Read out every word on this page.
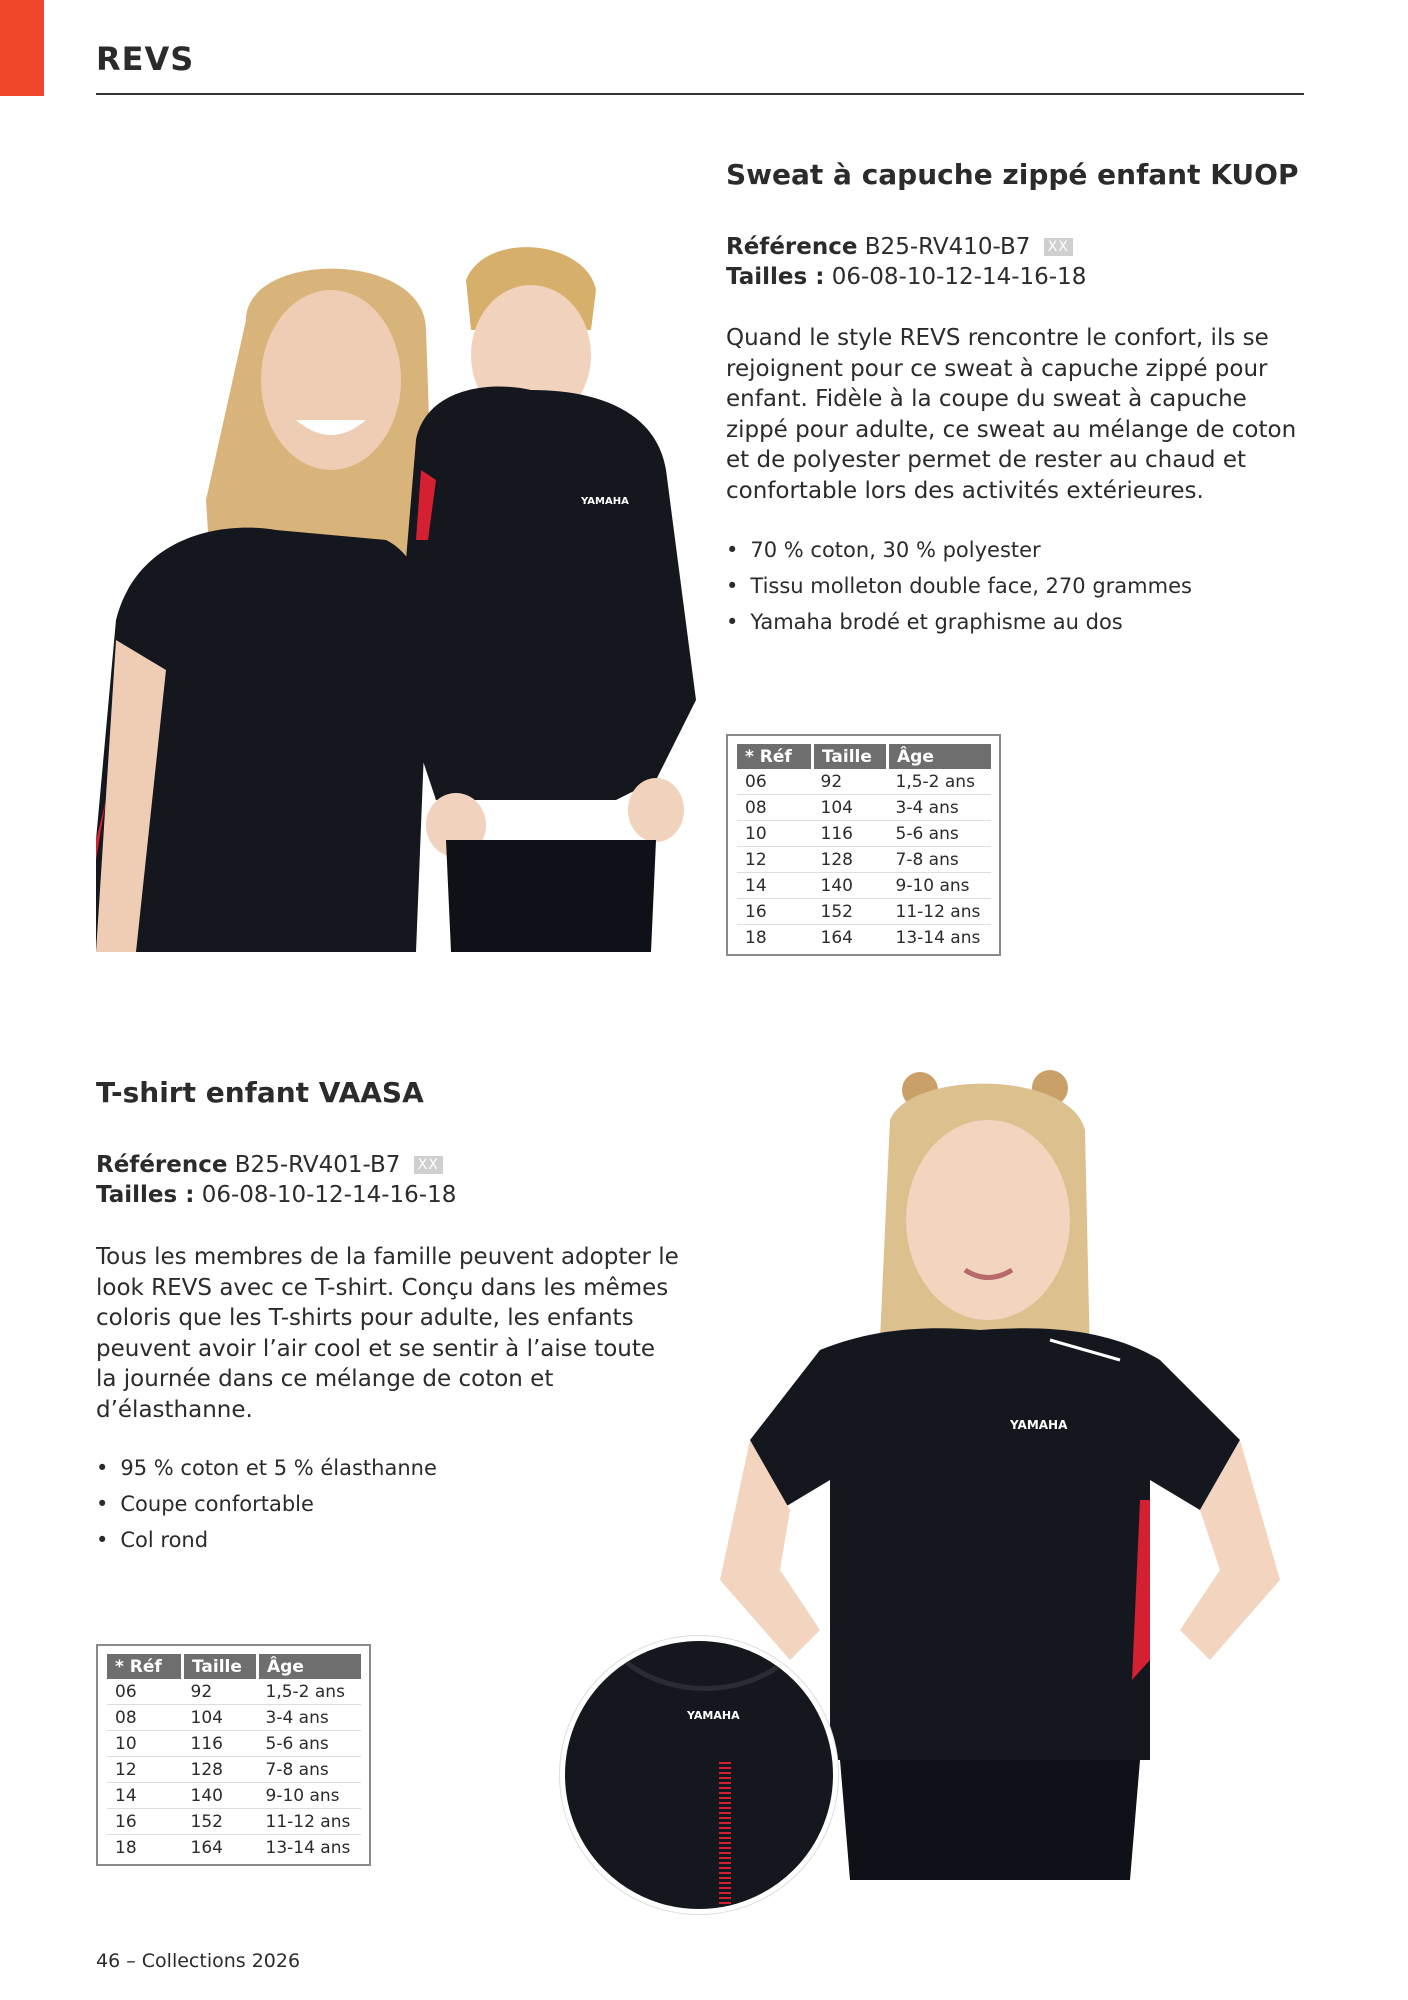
REVS
YAMAHA
Sweat à capuche zippé enfant KUOP
Référence B25-RV410-B7 XX
Tailles : 06-08-10-12-14-16-18

Quand le style REVS rencontre le confort, ils se rejoignent pour ce sweat à capuche zippé pour enfant. Fidèle à la coupe du sweat à capuche zippé pour adulte, ce sweat au mélange de coton et de polyester permet de rester au chaud et confortable lors des activités extérieures.

• 70 % coton, 30 % polyester
• Tissu molleton double face, 270 grammes
• Yamaha brodé et graphisme au dos
* Réf	Taille	Âge
06	92	1,5-2 ans
08	104	3-4 ans
10	116	5-6 ans
12	128	7-8 ans
14	140	9-10 ans
16	152	11-12 ans
18	164	13-14 ans
T-shirt enfant VAASA
Référence B25-RV401-B7 XX
Tailles : 06-08-10-12-14-16-18

Tous les membres de la famille peuvent adopter le look REVS avec ce T-shirt. Conçu dans les mêmes coloris que les T-shirts pour adulte, les enfants peuvent avoir l’air cool et se sentir à l’aise toute la journée dans ce mélange de coton et d’élasthanne.

• 95 % coton et 5 % élasthanne
• Coupe confortable
• Col rond
* Réf	Taille	Âge
06	92	1,5-2 ans
08	104	3-4 ans
10	116	5-6 ans
12	128	7-8 ans
14	140	9-10 ans
16	152	11-12 ans
18	164	13-14 ans
YAMAHA
YAMAHA
46 – Collections 2026
